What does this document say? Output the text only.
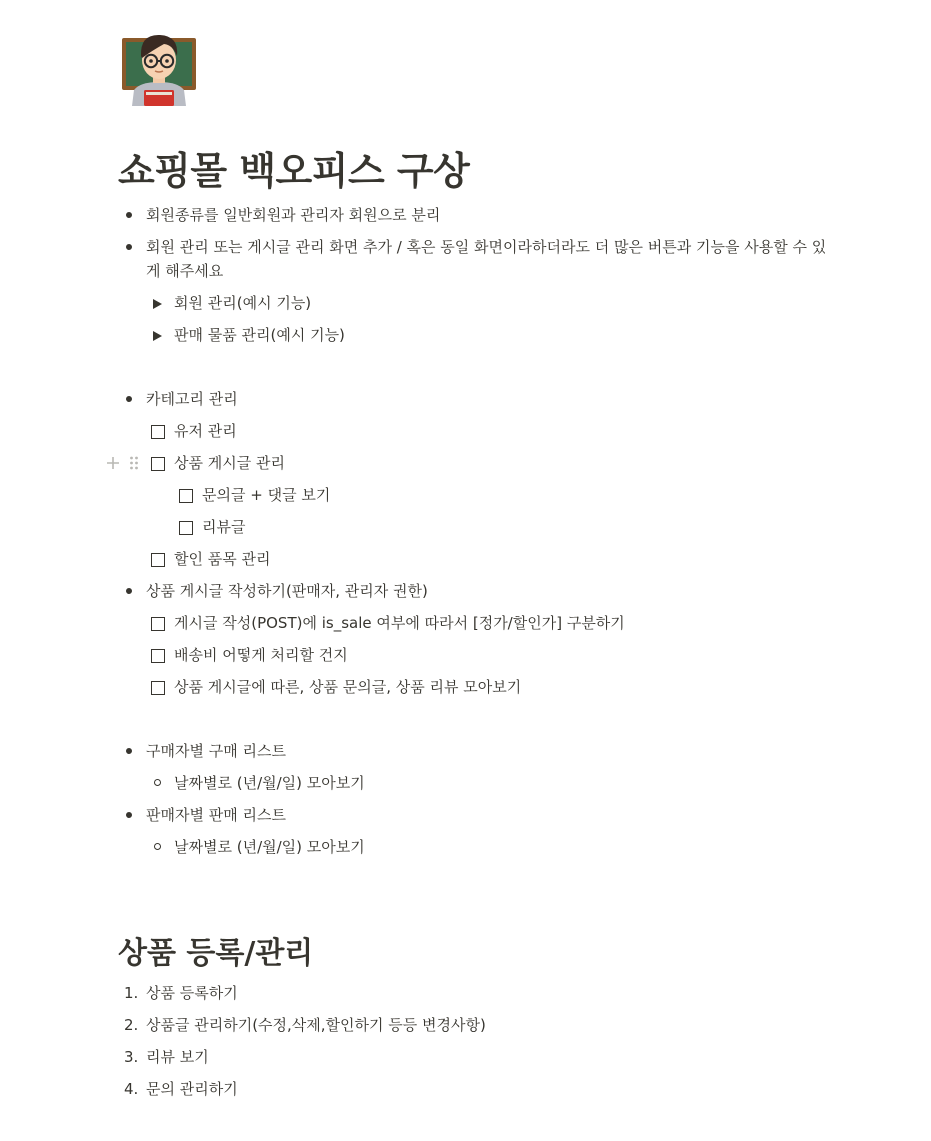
쇼핑몰 백오피스 구상
회원종류를 일반회원과 관리자 회원으로 분리
회원 관리 또는 게시글 관리 화면 추가 / 혹은 동일 화면이라하더라도 더 많은 버튼과 기능을 사용할 수 있게 해주세요
회원 관리(예시 기능)
판매 물품 관리(예시 기능)
카테고리 관리
유저 관리
상품 게시글 관리
문의글 + 댓글 보기
리뷰글
할인 품목 관리
상품 게시글 작성하기(판매자, 관리자 권한)
게시글 작성(POST)에 is_sale 여부에 따라서 [정가/할인가] 구분하기
배송비 어떻게 처리할 건지
상품 게시글에 따른, 상품 문의글, 상품 리뷰 모아보기
구매자별 구매 리스트
날짜별로 (년/월/일) 모아보기
판매자별 판매 리스트
날짜별로 (년/월/일) 모아보기
상품 등록/관리
1. 상품 등록하기
2. 상품글 관리하기(수정,삭제,할인하기 등등 변경사항)
3. 리뷰 보기
4. 문의 관리하기
